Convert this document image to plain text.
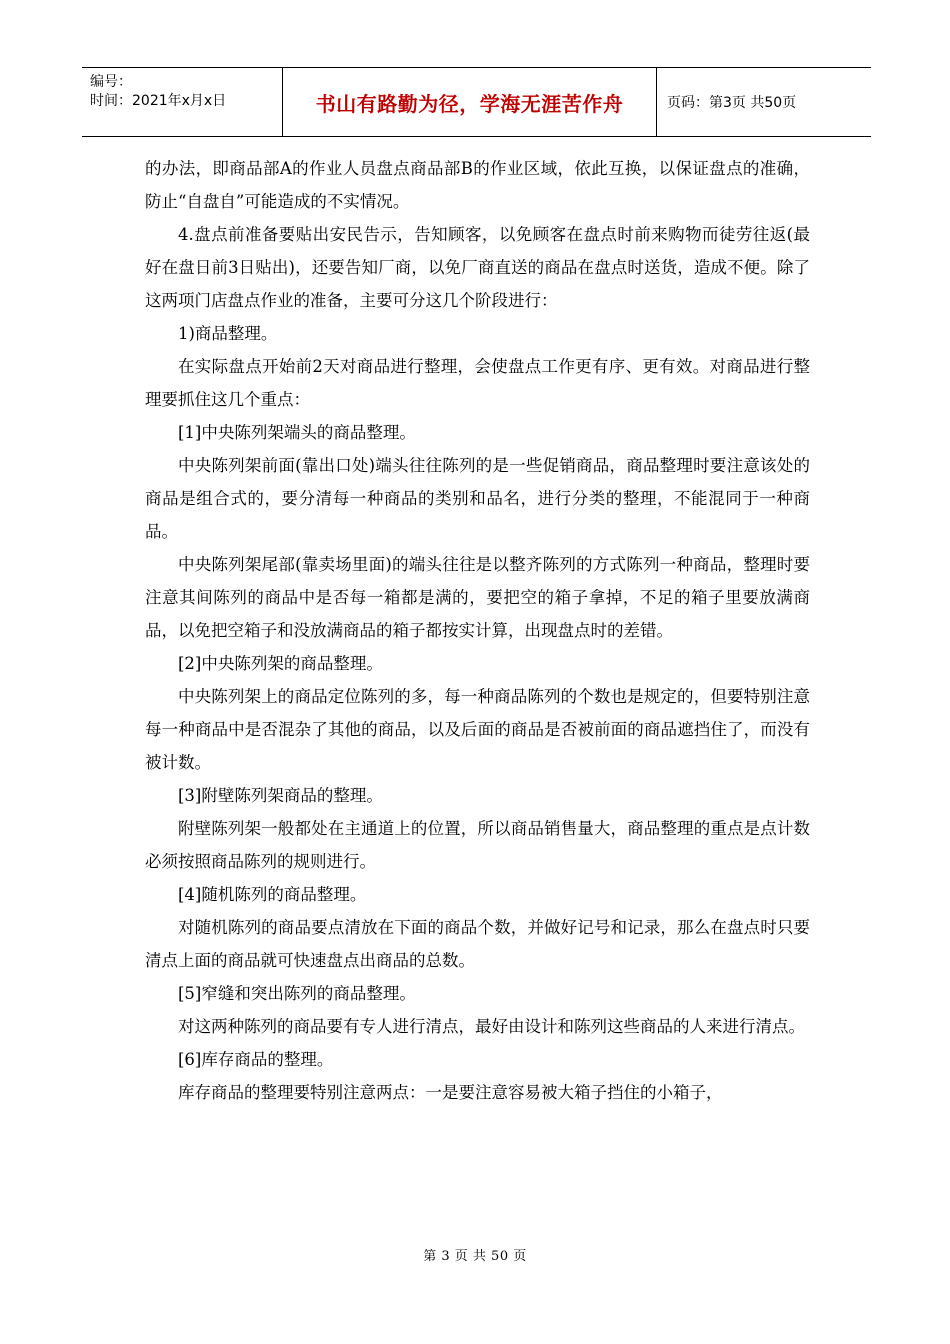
编号：
时间：2021年x月x日	书山有路勤为径，学海无涯苦作舟	页码：第3页 共50页

的办法，即商品部A的作业人员盘点商品部B的作业区域，依此互换，以保证盘点的准确，防止“自盘自”可能造成的不实情况。

4.盘点前准备要贴出安民告示，告知顾客，以免顾客在盘点时前来购物而徒劳往返(最好在盘日前3日贴出)，还要告知厂商，以免厂商直送的商品在盘点时送货，造成不便。除了这两项门店盘点作业的准备，主要可分这几个阶段进行：

1)商品整理。

在实际盘点开始前2天对商品进行整理，会使盘点工作更有序、更有效。对商品进行整理要抓住这几个重点：

[1]中央陈列架端头的商品整理。

中央陈列架前面(靠出口处)端头往往陈列的是一些促销商品，商品整理时要注意该处的商品是组合式的，要分清每一种商品的类别和品名，进行分类的整理，不能混同于一种商品。

中央陈列架尾部(靠卖场里面)的端头往往是以整齐陈列的方式陈列一种商品，整理时要注意其间陈列的商品中是否每一箱都是满的，要把空的箱子拿掉，不足的箱子里要放满商品，以免把空箱子和没放满商品的箱子都按实计算，出现盘点时的差错。

[2]中央陈列架的商品整理。

中央陈列架上的商品定位陈列的多，每一种商品陈列的个数也是规定的，但要特别注意每一种商品中是否混杂了其他的商品，以及后面的商品是否被前面的商品遮挡住了，而没有被计数。

[3]附壁陈列架商品的整理。

附壁陈列架一般都处在主通道上的位置，所以商品销售量大，商品整理的重点是点计数必须按照商品陈列的规则进行。

[4]随机陈列的商品整理。

对随机陈列的商品要点清放在下面的商品个数，并做好记号和记录，那么在盘点时只要清点上面的商品就可快速盘点出商品的总数。

[5]窄缝和突出陈列的商品整理。

对这两种陈列的商品要有专人进行清点，最好由设计和陈列这些商品的人来进行清点。

[6]库存商品的整理。

库存商品的整理要特别注意两点：一是要注意容易被大箱子挡住的小箱子，

第 3 页 共 50 页
